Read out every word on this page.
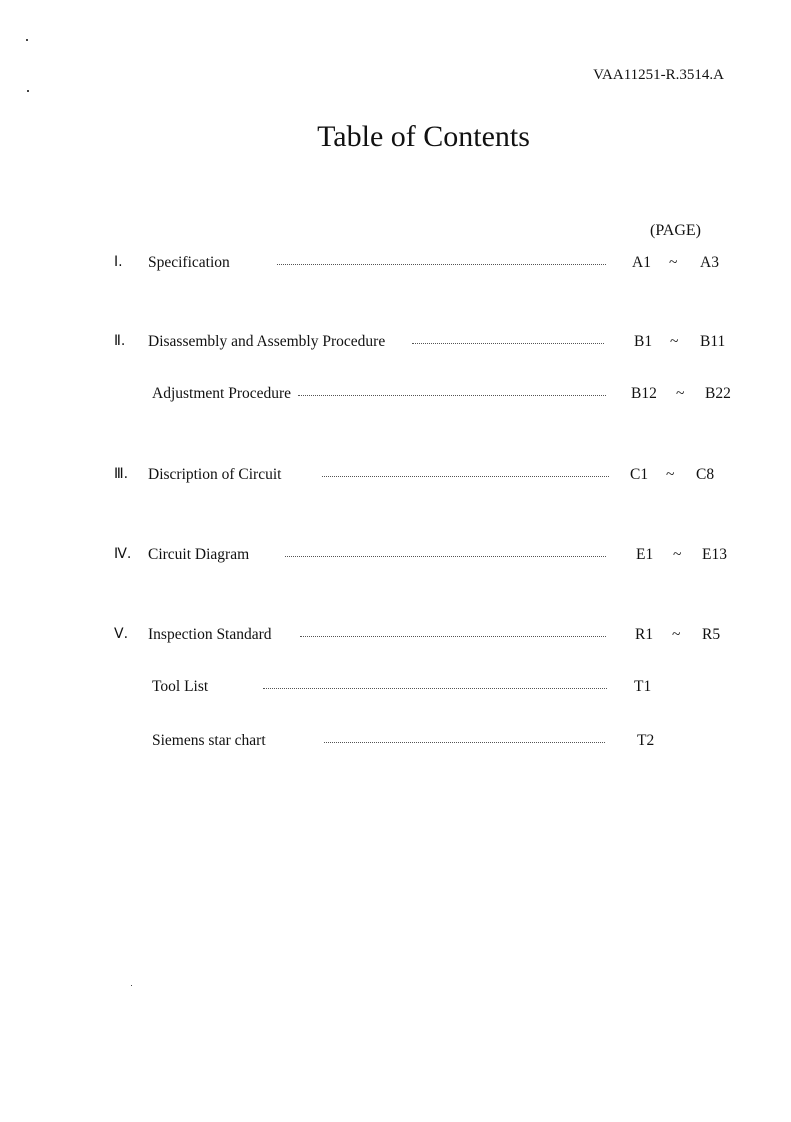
VAA11251-R.3514.A
Table of Contents
(PAGE)
Ⅰ. Specification	A1 ~ A3
Ⅱ. Disassembly and Assembly Procedure	B1 ~ B11
Adjustment Procedure	B12 ~ B22
Ⅲ. Discription of Circuit	C1 ~ C8
Ⅳ. Circuit Diagram	E1 ~ E13
Ⅴ. Inspection Standard	R1 ~ R5
Tool List	T1
Siemens star chart	T2
